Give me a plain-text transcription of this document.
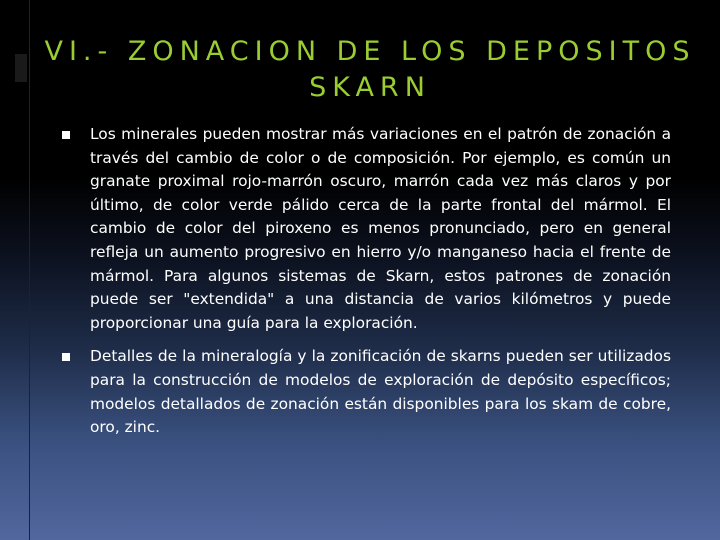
VI.- ZONACION DE LOS DEPOSITOS SKARN
Los minerales pueden mostrar más variaciones en el patrón de zonación a través del cambio de color o de composición. Por ejemplo, es común un granate proximal rojo-marrón oscuro, marrón cada vez más claros y por último, de color verde pálido cerca de la parte frontal del mármol. El cambio de color del piroxeno es menos pronunciado, pero en general refleja un aumento progresivo en hierro y/o manganeso hacia el frente de mármol. Para algunos sistemas de Skarn, estos patrones de zonación puede ser "extendida" a una distancia de varios kilómetros y puede proporcionar una guía para la exploración.
Detalles de la mineralogía y la zonificación de skarns pueden ser utilizados para la construcción de modelos de exploración de depósito específicos; modelos detallados de zonación están disponibles para los skam de cobre, oro, zinc.
